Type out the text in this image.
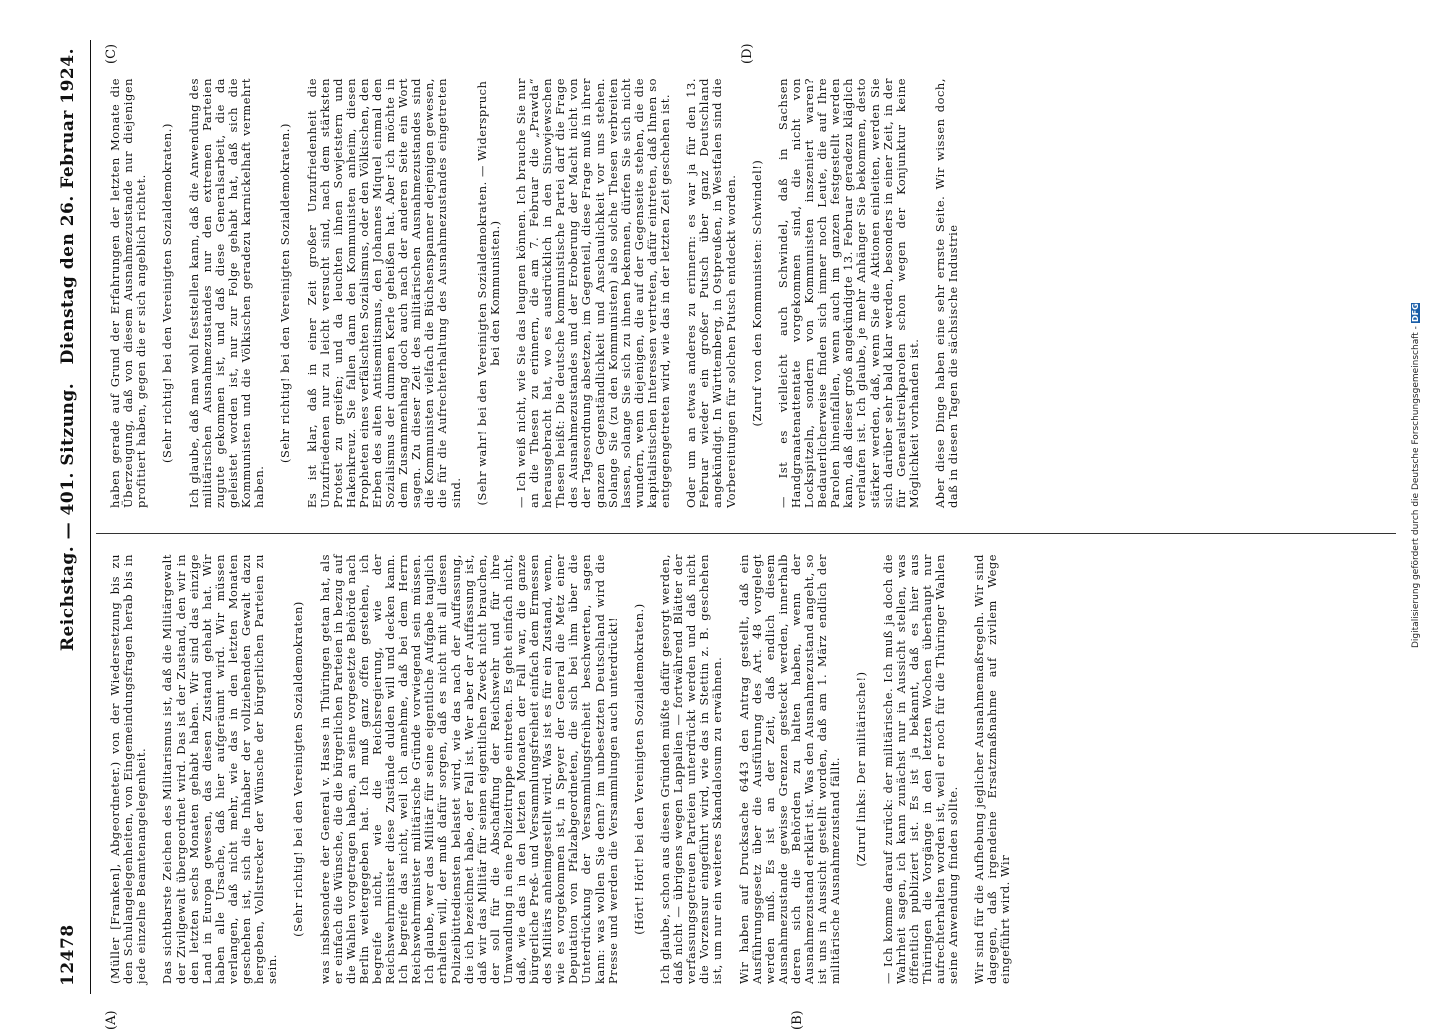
12478
Reichstag. — 401. Sitzung.
Dienstag den 26. Februar 1924.

(Müller [Franken], Abgeordneter.) von der Wiedersetzung bis zu den Schulangelegenheiten, von Eingemeindungsfragen herab bis in jede einzelne Beamtenangelegenheit. Das sichtbarste Zeichen des Militarismus ist, daß die Militärgewalt der Zivilgewalt übergeordnet wird. Das ist der Zustand, den wir in den letzten sechs Monaten gehabt haben. Wir sind das einzige Land in Europa gewesen, das diesen Zustand gehabt hat. Wir haben alle Ursache, daß hier aufgeräumt wird. Wir müssen verlangen, daß nicht mehr, wie das in den letzten Monaten geschehen ist, sich die Inhaber der vollziehenden Gewalt dazu hergeben, Vollstrecker der Wünsche der bürgerlichen Parteien zu sein.

(Sehr richtig! bei den Vereinigten Sozialdemokraten) was insbesondere der General v. Hasse in Thüringen getan hat, als er einfach die Wünsche, die die bürgerlichen Parteien in bezug auf die Wahlen vorgetragen haben, an seine vorgesetzte Behörde nach Berlin weitergegeben hat. Ich muß ganz offen gestehen, ich begreife nicht, wie die Reichsregierung, wie der Reichswehrminister diese Zustände dulden will und decken kann. Ich begreife das nicht, weil ich annehme, daß bei dem Herrn Reichswehrminister militärische Gründe vorwiegend sein müssen. Ich glaube, wer das Militär für seine eigentliche Aufgabe tauglich erhalten will, der muß dafür sorgen, daß es nicht mit all diesen Polizeibüttediensten belastet wird, wie das nach der Auffassung, die ich bezeichnet habe, der Fall ist. Wer aber der Auffassung ist, daß wir das Militär für seinen eigentlichen Zweck nicht brauchen, der soll für die Abschaffung der Reichswehr und für ihre Umwandlung in eine Polizeitruppe eintreten. Es geht einfach nicht, daß, wie das in den letzten Monaten der Fall war, die ganze bürgerliche Preß- und Versammlungsfreiheit einfach dem Ermessen des Militärs anheimgestellt wird. Was ist es für ein Zustand, wenn, wie es vorgekommen ist, in Speyer der General die Metz einer Deputation von Pfalzabgeordneten, die sich bei ihm über die Unterdrückung der Versammlungsfreiheit beschwerten, sagen kann: was wollen Sie denn? im unbesetzten Deutschland wird die Presse und werden die Versammlungen auch unterdrückt! (Hört! Hört! bei den Vereinigten Sozialdemokraten.) Ich glaube, schon aus diesen Gründen müßte dafür gesorgt werden, daß nicht — übrigens wegen Lappalien — fortwährend Blätter der verfassungsgetreuen Parteien unterdrückt werden und daß nicht die Vorzensur eingeführt wird, wie das in Stettin z. B. geschehen ist, um nur ein weiteres Skandalosum zu erwähnen. Wir haben auf Drucksache 6443 den Antrag gestellt, daß ein Ausführungsgesetz über die Ausführung des Art. 48 vorgelegt werden muß. Es ist an der Zeit, daß endlich diesem Ausnahmezustande gewisse Grenzen gesteckt werden, innerhalb deren sich die Behörden zu halten haben, wenn der Ausnahmezustand erklärt ist. Was den Ausnahmezustand angeht, so ist uns in Aussicht gestellt worden, daß am 1. März endlich der militärische Ausnahmezustand fällt. (Zuruf links: Der militärische!) — Ich komme darauf zurück: der militärische. Ich muß ja doch die Wahrheit sagen, ich kann zunächst nur in Aussicht stellen, was öffentlich publiziert ist. Es ist ja bekannt, daß es hier aus Thüringen die Vorgänge in den letzten Wochen überhaupt nur aufrechterhalten worden ist, weil er noch für die Thüringer Wahlen seine Anwendung finden sollte. Wir sind für die Aufhebung jeglicher Ausnahmemaßregeln. Wir sind dagegen, daß irgendeine Ersatzmaßnahme auf zivilem Wege eingeführt wird. Wir

haben gerade auf Grund der Erfahrungen der letzten Monate die Überzeugung, daß von diesem Ausnahmezustande nur diejenigen profitiert haben, gegen die er sich angeblich richtet. (Sehr richtig! bei den Vereinigten Sozialdemokraten.) Ich glaube, daß man wohl feststellen kann, daß die Anwendung des militärischen Ausnahmezustandes nur den extremen Parteien zugute gekommen ist, und daß diese Generalsarbeit, die da geleistet worden ist, nur zur Folge gehabt hat, daß sich die Kommunisten und die Völkischen geradezu karnickelhaft vermehrt haben.

(Sehr richtig! bei den Vereinigten Sozialdemokraten.) Es ist klar, daß in einer Zeit großer Unzufriedenheit die Unzufriedenen nur zu leicht versucht sind, nach dem stärksten Protest zu greifen; und da leuchten ihnen Sowjetstern und Hakenkreuz. Sie fallen dann den Kommunisten anheim, diesen Propheten eines verfälschten Sozialismus, oder den Völkischen, den Erben des alten Antisemitismus, den Johannes Miquel einmal den Sozialismus der dummen Kerle geheißen hat. Aber ich möchte in dem Zusammenhang doch auch nach der anderen Seite ein Wort sagen. Zu dieser Zeit des militärischen Ausnahmezustandes sind die Kommunisten vielfach die Büchsenspanner derjenigen gewesen, die für die Aufrechterhaltung des Ausnahmezustandes eingetreten sind. (Sehr wahr! bei den Vereinigten Sozialdemokraten. — Widerspruch bei den Kommunisten.) — Ich weiß nicht, wie Sie das leugnen können. Ich brauche Sie nur an die Thesen zu erinnern, die am 7. Februar die „Prawda“ herausgebracht hat, wo es ausdrücklich in den Sinowjewschen Thesen heißt: Die deutsche kommunistische Partei darf die Frage des Ausnahmezustandes und der Eroberung der Macht nicht von der Tagesordnung absetzen, im Gegenteil, diese Frage muß in ihrer ganzen Gegenständlichkeit und Anschaulichkeit vor uns stehen. Solange Sie (zu den Kommunisten) also solche Thesen verbreiten lassen, solange Sie sich zu ihnen bekennen, dürfen Sie sich nicht wundern, wenn diejenigen, die auf der Gegenseite stehen, die die kapitalistischen Interessen vertreten, dafür eintreten, daß Ihnen so entgegengetreten wird, wie das in der letzten Zeit geschehen ist. Oder um an etwas anderes zu erinnern: es war ja für den 13. Februar wieder ein großer Putsch über ganz Deutschland angekündigt. In Württemberg, in Ostpreußen, in Westfalen sind die Vorbereitungen für solchen Putsch entdeckt worden. (Zuruf von den Kommunisten: Schwindel!) — Ist es vielleicht auch Schwindel, daß in Sachsen Handgranatenattentate vorgekommen sind, die nicht von Lockspitzeln, sondern von Kommunisten inszeniert waren? Bedauerlicherweise finden sich immer noch Leute, die auf Ihre Parolen hineinfallen, wenn auch im ganzen festgestellt werden kann, daß dieser groß angekündigte 13. Februar geradezu kläglich verlaufen ist. Ich glaube, je mehr Anhänger Sie bekommen, desto stärker werden, daß, wenn Sie die Aktionen einleiten, werden Sie sich darüber sehr bald klar werden, besonders in einer Zeit, in der für Generalstreikparolen schon wegen der Konjunktur keine Möglichkeit vorhanden ist. Aber diese Dinge haben eine sehr ernste Seite. Wir wissen doch, daß in diesen Tagen die sächsische Industrie

(A)	(B)
(C)	(D)
Digitalisierung gefördert durch die Deutsche Forschungsgemeinschaft - DFG
